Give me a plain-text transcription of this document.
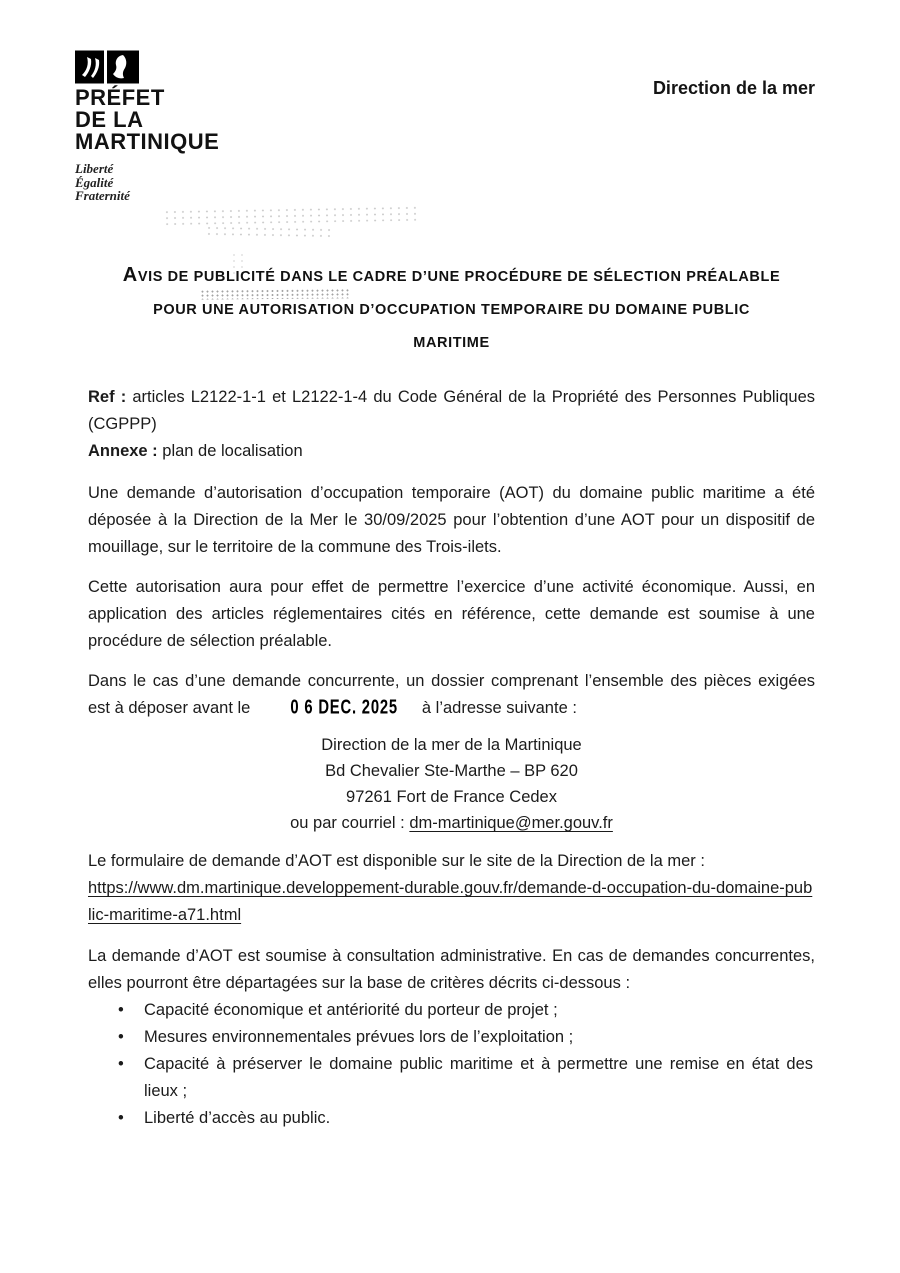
PRÉFET
DE LA
MARTINIQUE
Liberté
Égalité
Fraternité
Direction de la mer
AVIS DE PUBLICITÉ DANS LE CADRE D’UNE PROCÉDURE DE SÉLECTION PRÉALABLE
POUR UNE AUTORISATION D’OCCUPATION TEMPORAIRE DU DOMAINE PUBLIC
MARITIME

Ref : articles L2122-1-1 et L2122-1-4 du Code Général de la Propriété des Personnes Publiques (CGPPP)

Annexe : plan de localisation

Une demande d’autorisation d’occupation temporaire (AOT) du domaine public maritime a été déposée à la Direction de la Mer le 30/09/2025 pour l’obtention d’une AOT pour un dispositif de mouillage, sur le territoire de la commune des Trois-ilets.

Cette autorisation aura pour effet de permettre l’exercice d’une activité économique. Aussi, en application des articles réglementaires cités en référence, cette demande est soumise à une procédure de sélection préalable.

Dans le cas d’une demande concurrente, un dossier comprenant l’ensemble des pièces exigées est à déposer avant le 0 6 DEC. 2025 à l’adresse suivante :

Direction de la mer de la Martinique
Bd Chevalier Ste-Marthe – BP 620
97261 Fort de France Cedex
ou par courriel : dm-martinique@mer.gouv.fr

Le formulaire de demande d’AOT est disponible sur le site de la Direction de la mer :

https://www.dm.martinique.developpement-durable.gouv.fr/demande-d-occupation-du-domaine-public-maritime-a71.html

La demande d’AOT est soumise à consultation administrative. En cas de demandes concurrentes, elles pourront être départagées sur la base de critères décrits ci-dessous :

•	Capacité économique et antériorité du porteur de projet ;
•	Mesures environnementales prévues lors de l’exploitation ;
•	Capacité à préserver le domaine public maritime et à permettre une remise en état des lieux ;
•	Liberté d’accès au public.
